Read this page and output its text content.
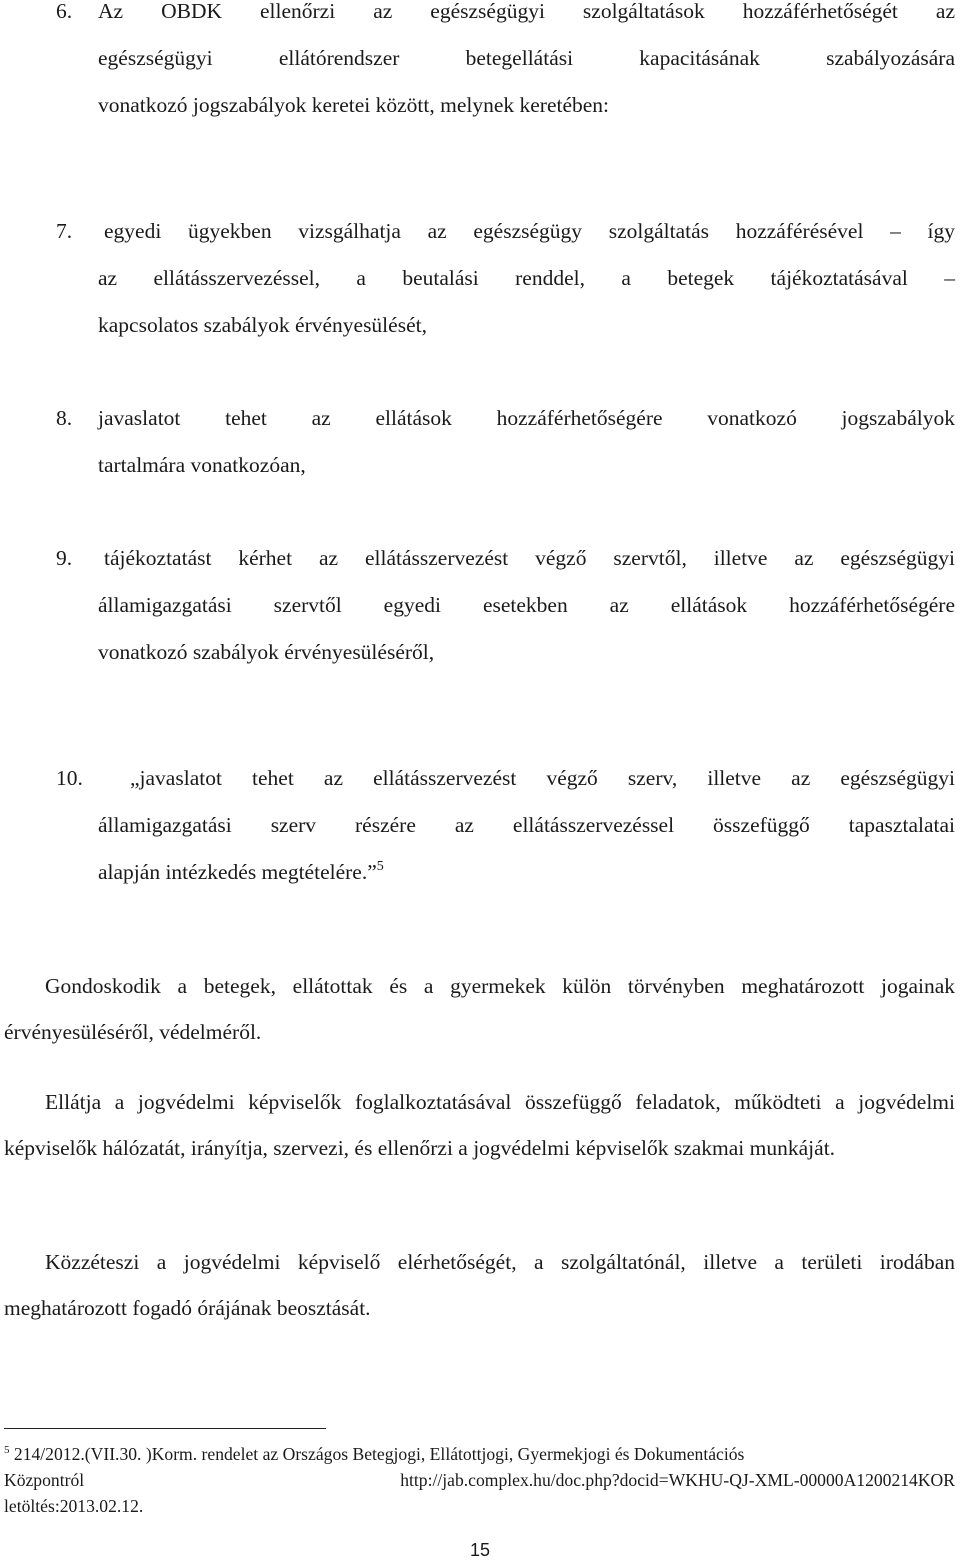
6. Az OBDK ellenőrzi az egészségügyi szolgáltatások hozzáférhetőségét az
egészségügyi ellátórendszer betegellátási kapacitásának szabályozására
vonatkozó jogszabályok keretei között, melynek keretében:
7. egyedi ügyekben vizsgálhatja az egészségügy szolgáltatás hozzáférésével – így
az ellátásszervezéssel, a beutalási renddel, a betegek tájékoztatásával –
kapcsolatos szabályok érvényesülését,
8. javaslatot tehet az ellátások hozzáférhetőségére vonatkozó jogszabályok
tartalmára vonatkozóan,
9. tájékoztatást kérhet az ellátásszervezést végző szervtől, illetve az egészségügyi
államigazgatási szervtől egyedi esetekben az ellátások hozzáférhetőségére
vonatkozó szabályok érvényesüléséről,
10. „javaslatot tehet az ellátásszervezést végző szerv, illetve az egészségügyi
államigazgatási szerv részére az ellátásszervezéssel összefüggő tapasztalatai
alapján intézkedés megtételére.”$^5$

Gondoskodik a betegek, ellátottak és a gyermekek külön törvényben meghatározott jogainak érvényesüléséről, védelméről.

Ellátja a jogvédelmi képviselők foglalkoztatásával összefüggő feladatok, működteti a jogvédelmi képviselők hálózatát, irányítja, szervezi, és ellenőrzi a jogvédelmi képviselők szakmai munkáját.

Közzéteszi a jogvédelmi képviselő elérhetőségét, a szolgáltatónál, illetve a területi irodában meghatározott fogadó órájának beosztását.

$^5$ 214/2012.(VII.30. )Korm. rendelet az Országos Betegjogi, Ellátottjogi, Gyermekjogi és Dokumentációs
Központról	http://jab.complex.hu/doc.php?docid=WKHU-QJ-XML-00000A1200214KOR
letöltés:2013.02.12.
15
